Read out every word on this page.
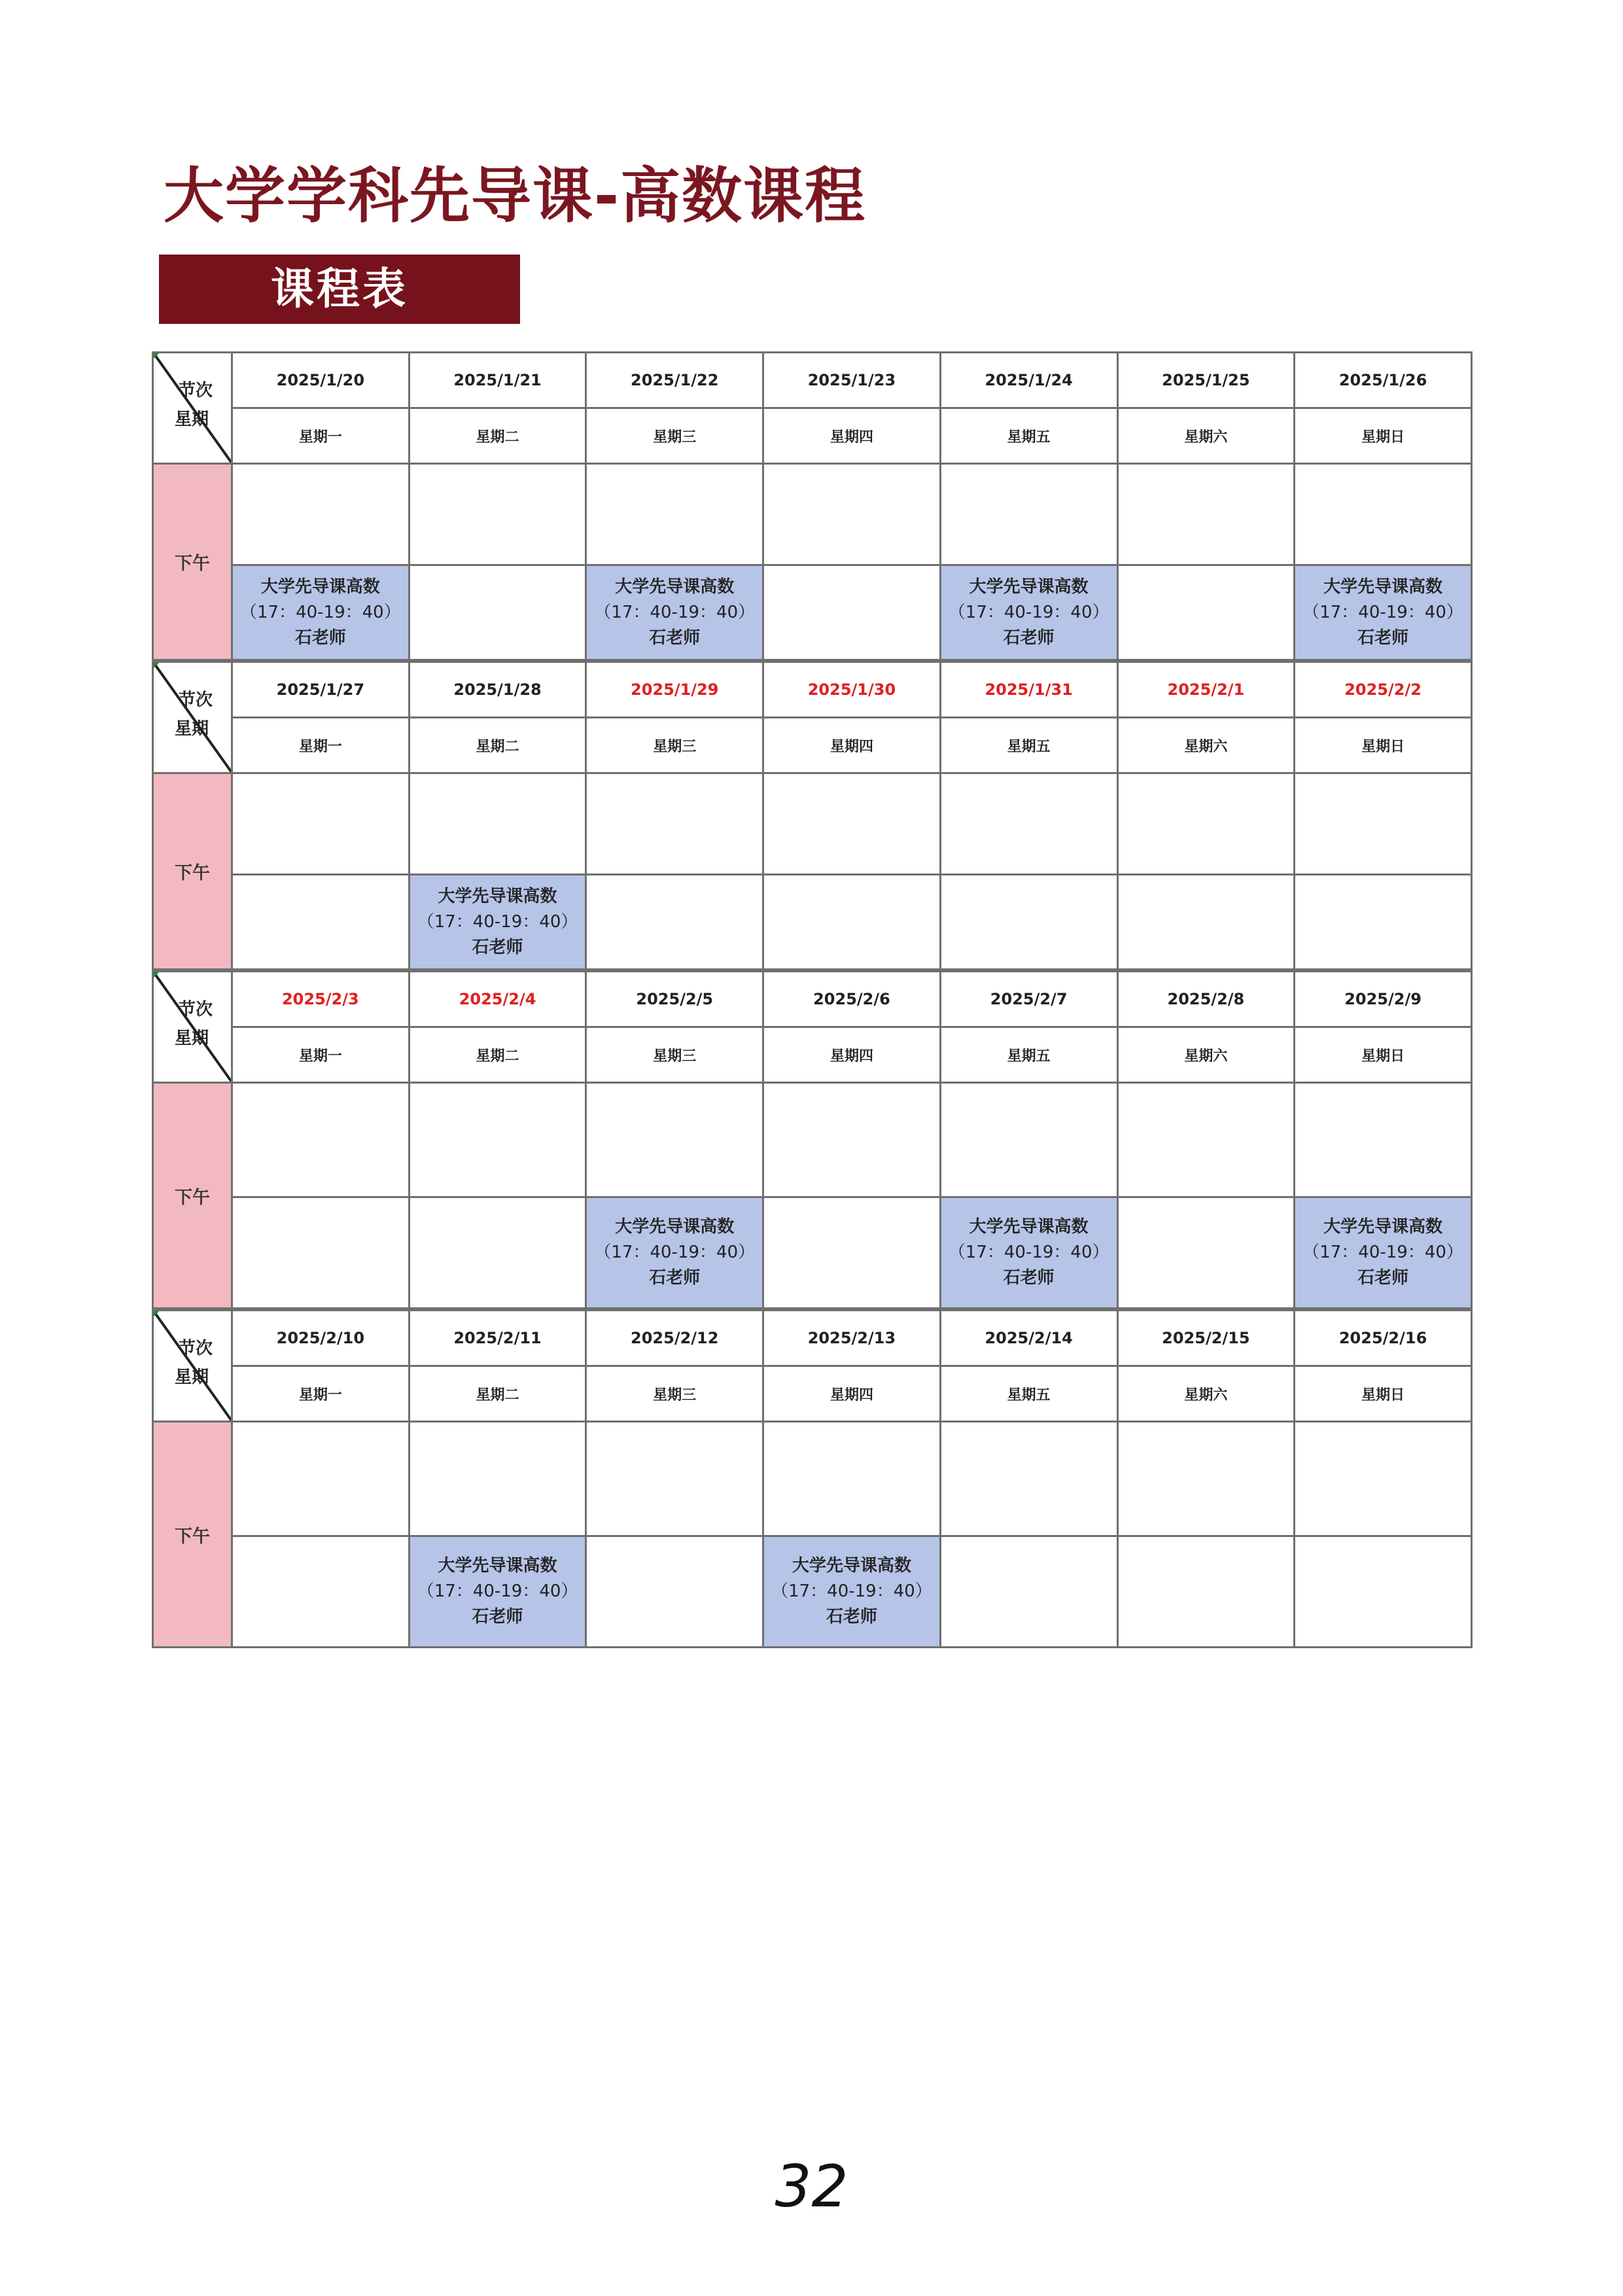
大学学科先导课-高数课程
课程表
节次
星期	2025/1/20	2025/1/21	2025/1/22	2025/1/23	2025/1/24	2025/1/25	2025/1/26
	星期一	星期二	星期三	星期四	星期五	星期六	星期日
下午							

	大学先导课高数
（17：40-19：40）
石老师		大学先导课高数
（17：40-19：40）
石老师		大学先导课高数
（17：40-19：40）
石老师		大学先导课高数
（17：40-19：40）
石老师
节次
星期	2025/1/27	2025/1/28	2025/1/29	2025/1/30	2025/1/31	2025/2/1	2025/2/2
	星期一	星期二	星期三	星期四	星期五	星期六	星期日
下午							

		大学先导课高数
（17：40-19：40）
石老师					

节次
星期	2025/2/3	2025/2/4	2025/2/5	2025/2/6	2025/2/7	2025/2/8	2025/2/9
	星期一	星期二	星期三	星期四	星期五	星期六	星期日
下午							

			大学先导课高数
（17：40-19：40）
石老师		大学先导课高数
（17：40-19：40）
石老师		大学先导课高数
（17：40-19：40）
石老师
节次
星期	2025/2/10	2025/2/11	2025/2/12	2025/2/13	2025/2/14	2025/2/15	2025/2/16
	星期一	星期二	星期三	星期四	星期五	星期六	星期日
下午							

		大学先导课高数
（17：40-19：40）
石老师		大学先导课高数
（17：40-19：40）
石老师			

32
